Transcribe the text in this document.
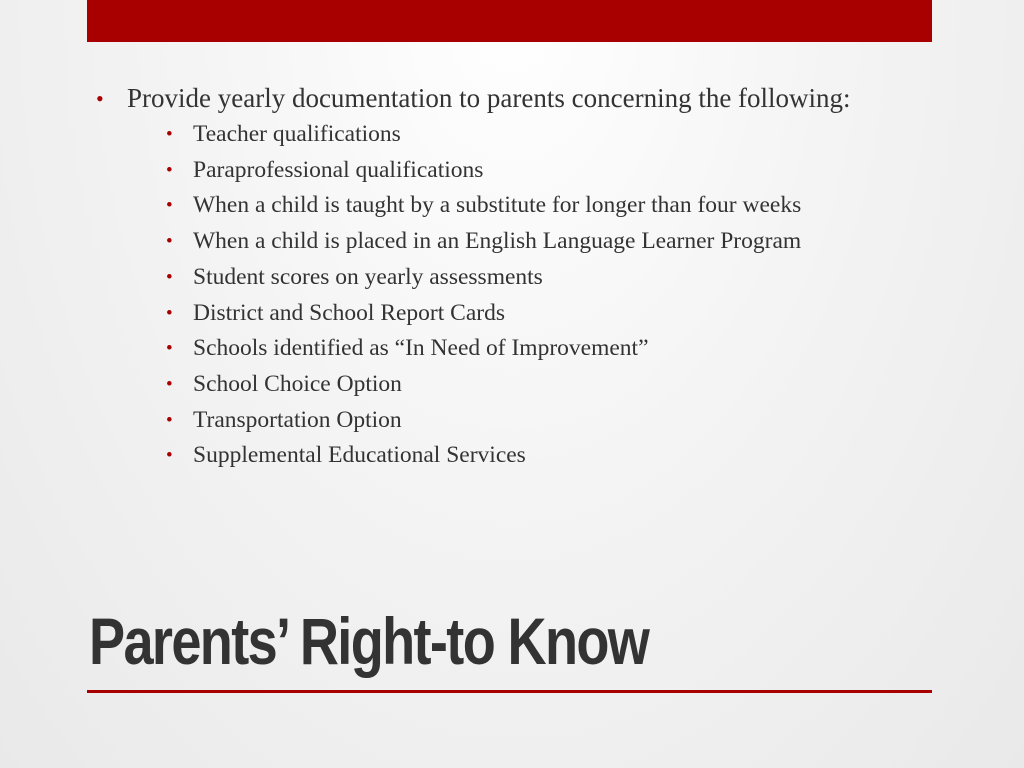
• Provide yearly documentation to parents concerning the following:
• Teacher qualifications
• Paraprofessional qualifications
• When a child is taught by a substitute for longer than four weeks
• When a child is placed in an English Language Learner Program
• Student scores on yearly assessments
• District and School Report Cards
• Schools identified as “In Need of Improvement”
• School Choice Option
• Transportation Option
• Supplemental Educational Services
Parents’ Right-to Know
